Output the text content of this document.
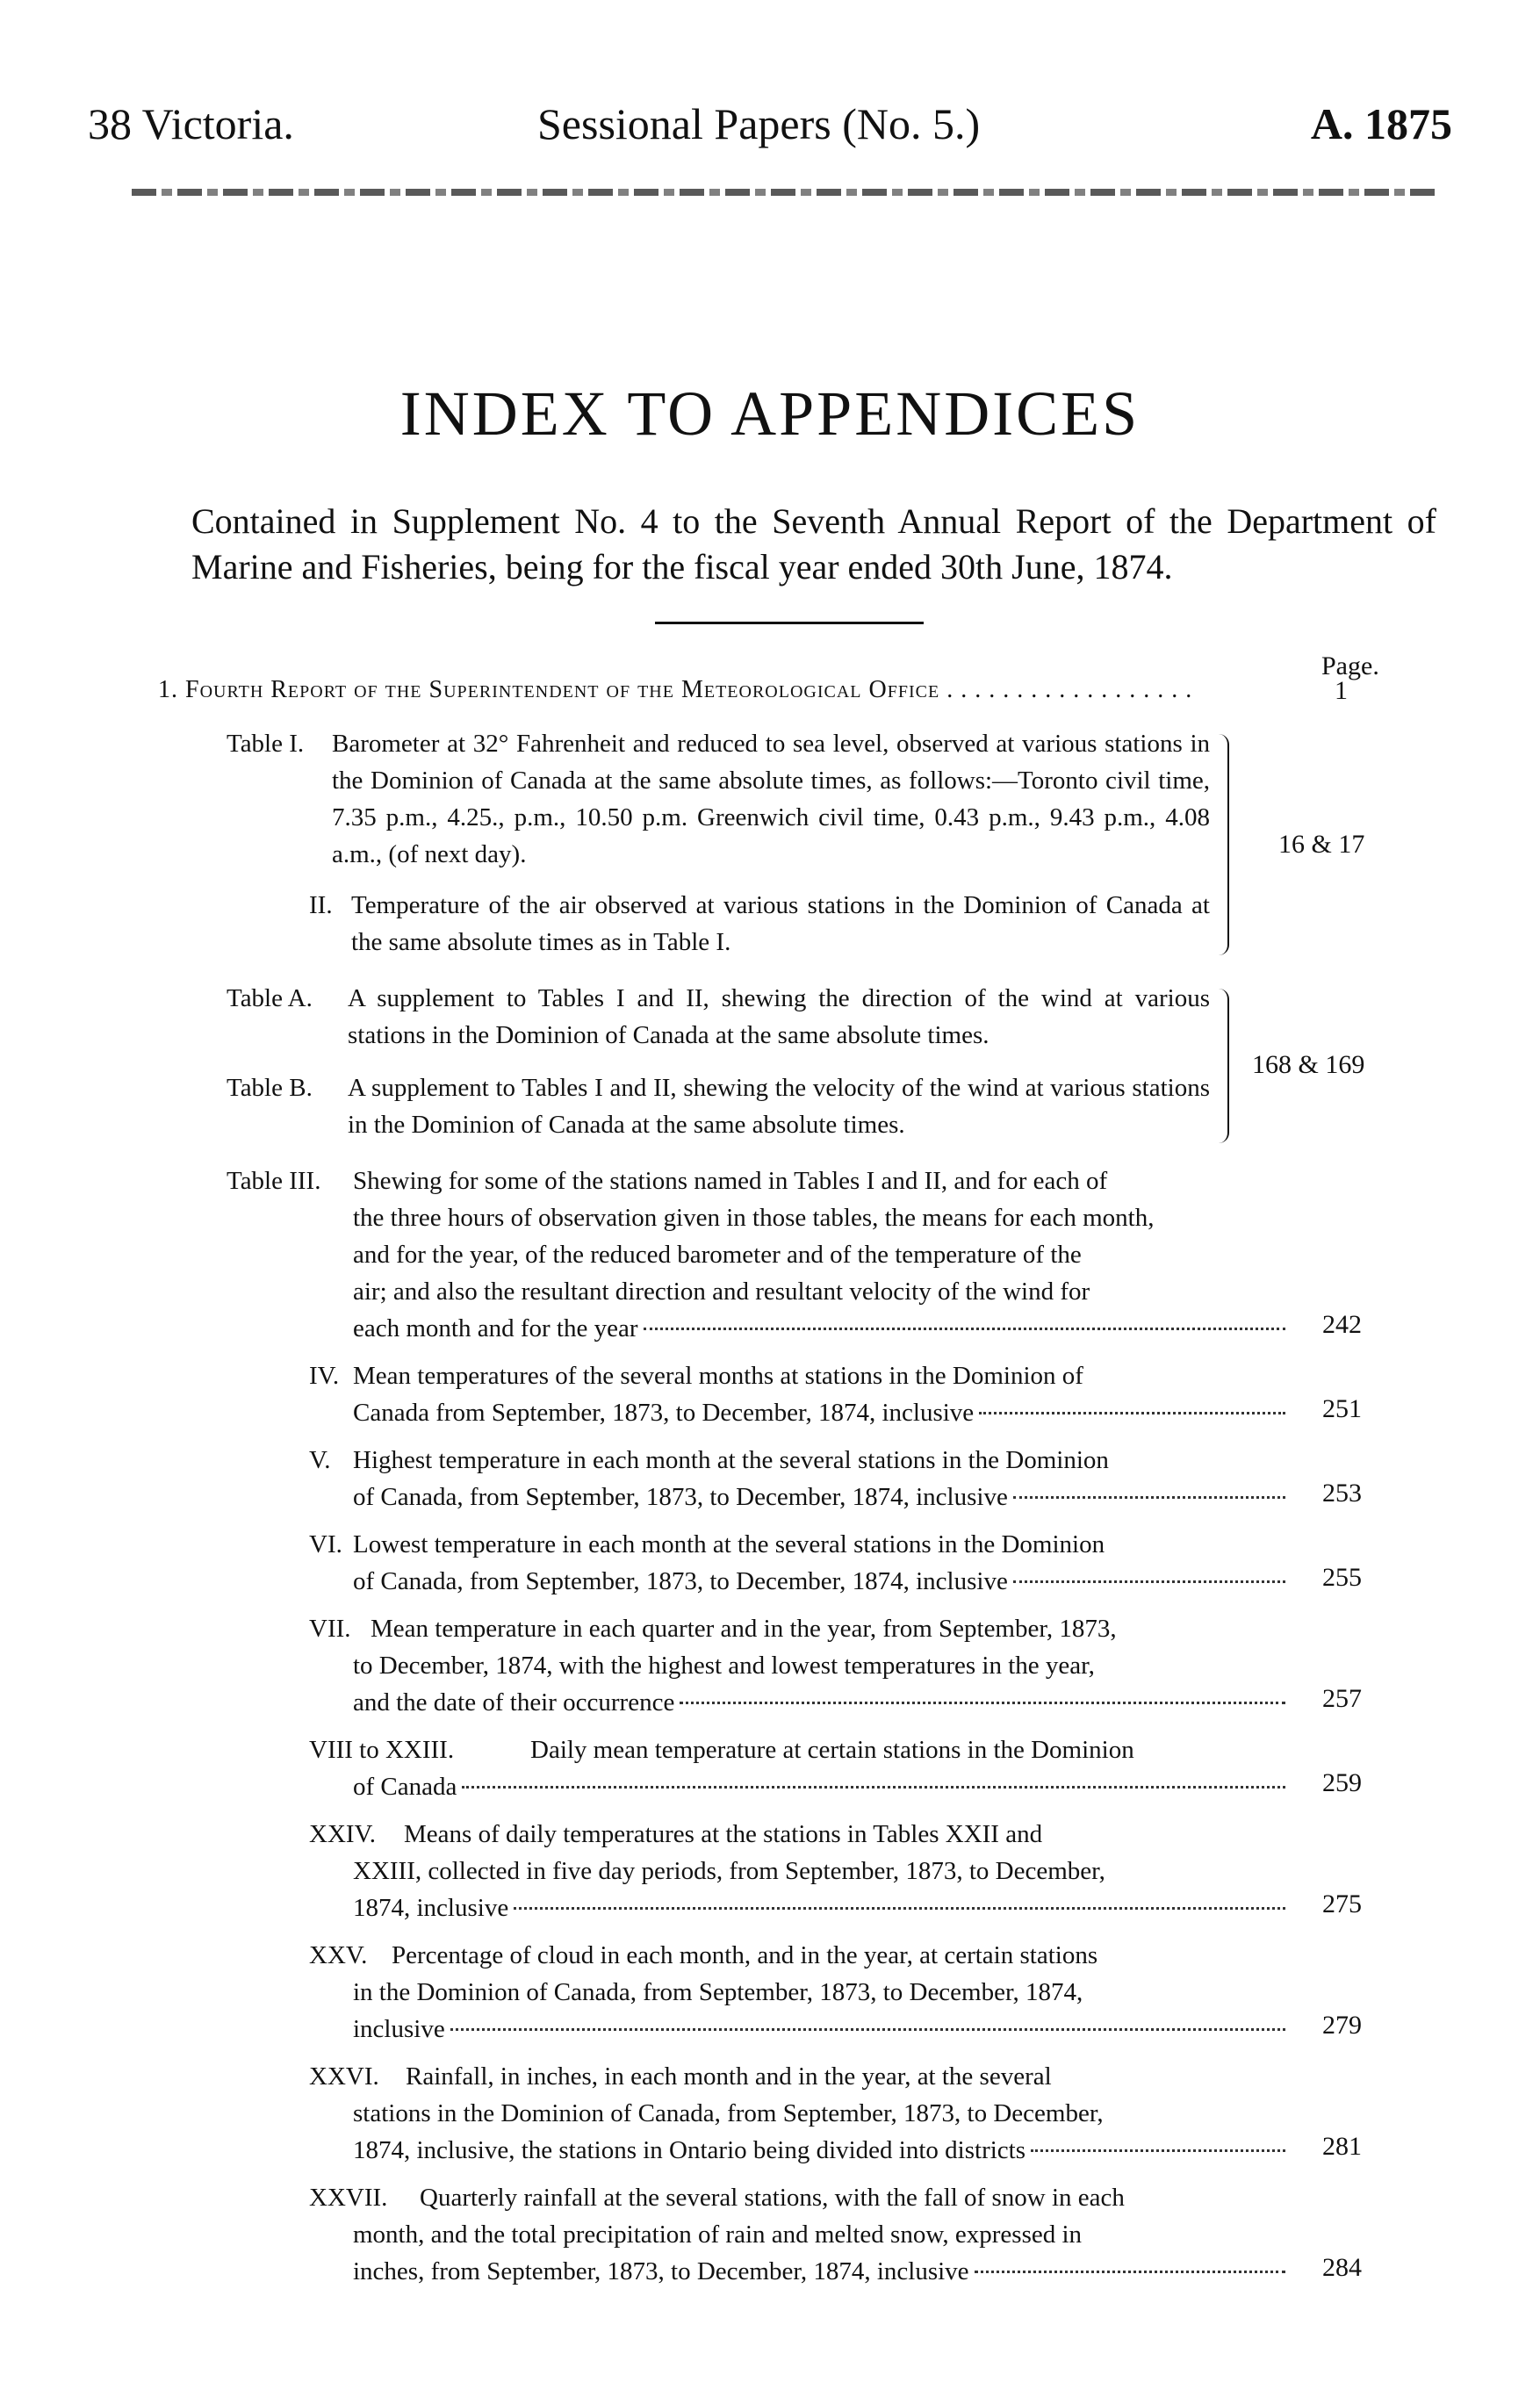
38 Victoria.	Sessional Papers (No. 5.)	A. 1875
INDEX TO APPENDICES
Contained in Supplement No. 4 to the Seventh Annual Report of the Department of Marine and Fisheries, being for the fiscal year ended 30th June, 1874.
Page.
1. Fourth Report of the Superintendent of the Meteorological Office . . . . . . . . . . . . . . . . . .	1
Table I. Barometer at 32° Fahrenheit and reduced to sea level, observed at various stations in the Dominion of Canada at the same absolute times, as follows:—Toronto civil time, 7.35 p.m., 4.25., p.m., 10.50 p.m. Greenwich civil time, 0.43 p.m., 9.43 p.m., 4.08 a.m., (of next day).
II. Temperature of the air observed at various stations in the Dominion of Canada at the same absolute times as in Table I.
16 & 17
Table A. A supplement to Tables I and II, shewing the direction of the wind at various stations in the Dominion of Canada at the same absolute times.
Table B. A supplement to Tables I and II, shewing the velocity of the wind at various stations in the Dominion of Canada at the same absolute times.
168 & 169
Table III. Shewing for some of the stations named in Tables I and II, and for each of
the three hours of observation given in those tables, the means for each month,
and for the year, of the reduced barometer and of the temperature of the
air; and also the resultant direction and resultant velocity of the wind for
each month and for the year	242
IV. Mean temperatures of the several months at stations in the Dominion of
Canada from September, 1873, to December, 1874, inclusive	251
V. Highest temperature in each month at the several stations in the Dominion
of Canada, from September, 1873, to December, 1874, inclusive	253
VI. Lowest temperature in each month at the several stations in the Dominion
of Canada, from September, 1873, to December, 1874, inclusive	255
VII. Mean temperature in each quarter and in the year, from September, 1873,
to December, 1874, with the highest and lowest temperatures in the year,
and the date of their occurrence	257
VIII to XXIII.	Daily mean temperature at certain stations in the Dominion
of Canada	259
XXIV. Means of daily temperatures at the stations in Tables XXII and
XXIII, collected in five day periods, from September, 1873, to December,
1874, inclusive	275
XXV. Percentage of cloud in each month, and in the year, at certain stations
in the Dominion of Canada, from September, 1873, to December, 1874,
inclusive	279
XXVI. Rainfall, in inches, in each month and in the year, at the several
stations in the Dominion of Canada, from September, 1873, to December,
1874, inclusive, the stations in Ontario being divided into districts	281
XXVII. Quarterly rainfall at the several stations, with the fall of snow in each
month, and the total precipitation of rain and melted snow, expressed in
inches, from September, 1873, to December, 1874, inclusive	284
